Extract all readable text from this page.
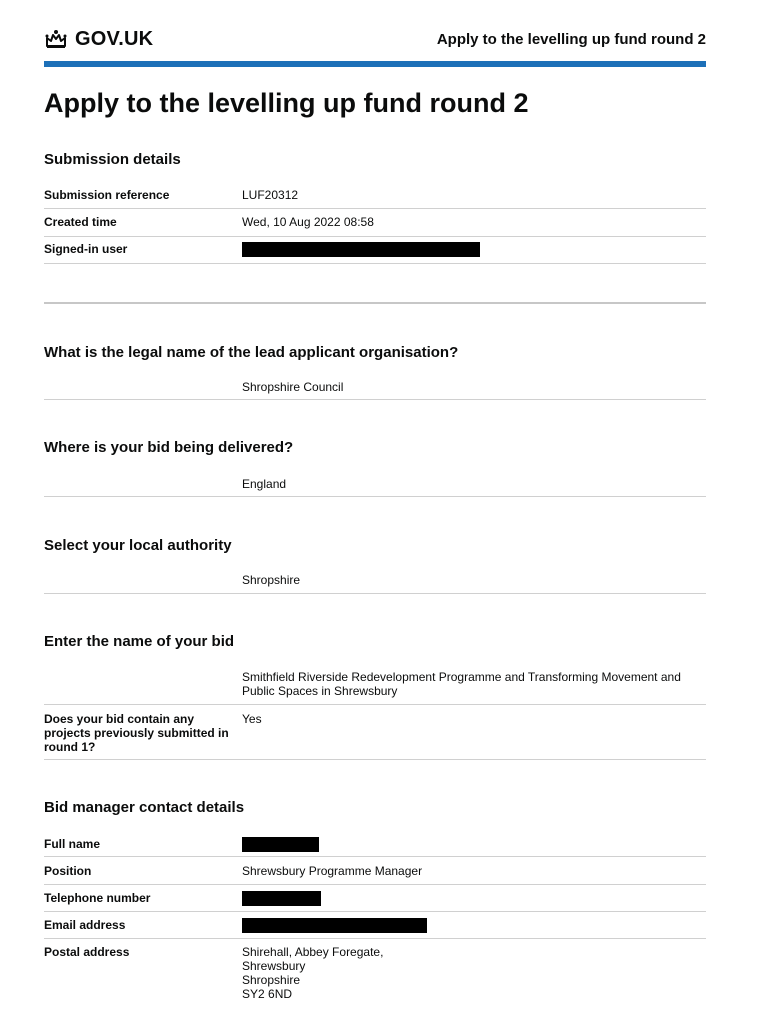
GOV.UK	Apply to the levelling up fund round 2
Apply to the levelling up fund round 2
Submission details
Submission reference	LUF20312
Created time	Wed, 10 Aug 2022 08:58
Signed-in user
What is the legal name of the lead applicant organisation?
Shropshire Council
Where is your bid being delivered?
England
Select your local authority
Shropshire
Enter the name of your bid
Smithfield Riverside Redevelopment Programme and Transforming Movement and Public Spaces in Shrewsbury
Does your bid contain any projects previously submitted in round 1?
Yes
Bid manager contact details
Full name
Position	Shrewsbury Programme Manager
Telephone number
Email address
Postal address	Shirehall, Abbey Foregate,
Shrewsbury
Shropshire
SY2 6ND
